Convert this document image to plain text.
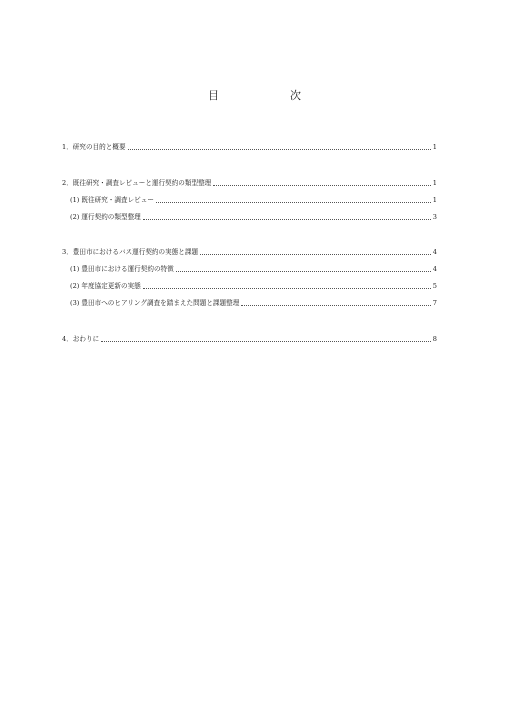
目　次
1．研究の目的と概要	1
2．既往研究・調査レビューと運行契約の類型整理	1
(1) 既往研究・調査レビュー	1
(2) 運行契約の類型整理	3
3．豊田市におけるバス運行契約の実態と課題	4
(1) 豊田市における運行契約の特徴	4
(2) 年度協定更新の実態	5
(3) 豊田市へのヒアリング調査を踏まえた問題と課題整理	7
4．おわりに	8
